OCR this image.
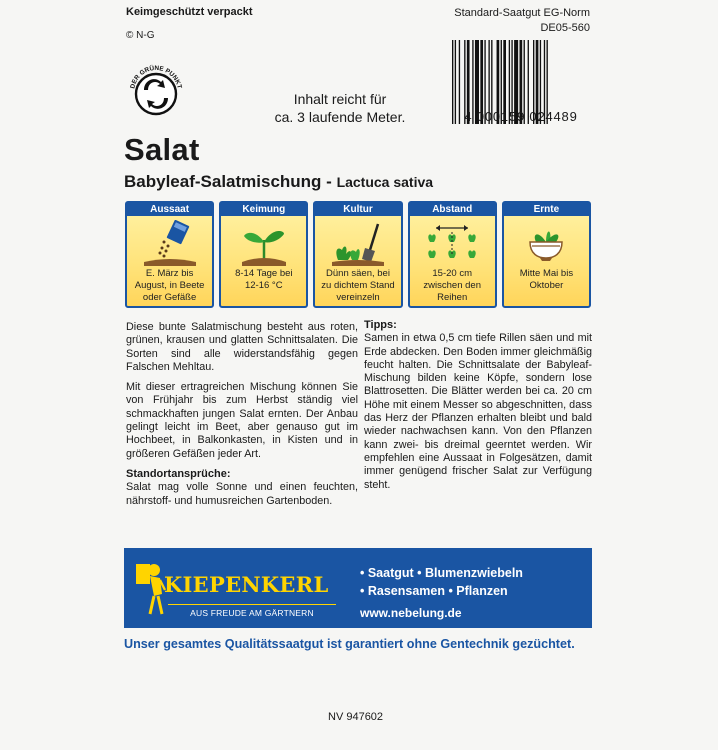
Keimgeschützt verpackt
© N-G
Standard-Saatgut EG-Norm
DE05-560
DER GRÜNE PUNKT
Inhalt reicht für
ca. 3 laufende Meter.	4 000159 024489
Salat
Babyleaf-Salatmischung - Lactuca sativa
Aussaat
E. März bis
August, in Beete
oder Gefäße
Keimung
8-14 Tage bei
12-16 °C
Kultur
Dünn säen, bei
zu dichtem Stand
vereinzeln
Abstand
15-20 cm
zwischen den
Reihen
Ernte
Mitte Mai bis
Oktober

Diese bunte Salatmischung besteht aus roten, grünen, krausen und glatten Schnittsalaten. Die Sorten sind alle widerstandsfähig gegen Falschen Mehltau.

Mit dieser ertragreichen Mischung können Sie von Frühjahr bis zum Herbst ständig viel schmackhaften jungen Salat ernten. Der Anbau gelingt leicht im Beet, aber genauso gut im Hochbeet, in Balkonkasten, in Kisten und in größeren Gefäßen jeder Art.

Standortansprüche:

Salat mag volle Sonne und einen feuchten, nährstoff- und humusreichen Gartenboden.

Tipps:

Samen in etwa 0,5 cm tiefe Rillen säen und mit Erde abdecken. Den Boden immer gleichmäßig feucht halten. Die Schnittsalate der Babyleaf-Mischung bilden keine Köpfe, sondern lose Blattrosetten. Die Blätter werden bei ca. 20 cm Höhe mit einem Messer so abgeschnitten, dass das Herz der Pflanzen erhalten bleibt und bald wieder nachwachsen kann. Von den Pflanzen kann zwei- bis dreimal geerntet werden. Wir empfehlen eine Aussaat in Folgesätzen, damit immer genügend frischer Salat zur Verfügung steht.

KIEPENKERL
AUS FREUDE AM GÄRTNERN
• Saatgut • Blumenzwiebeln
• Rasensamen • Pflanzen
www.nebelung.de
Unser gesamtes Qualitätssaatgut ist garantiert ohne Gentechnik gezüchtet.
NV 947602
